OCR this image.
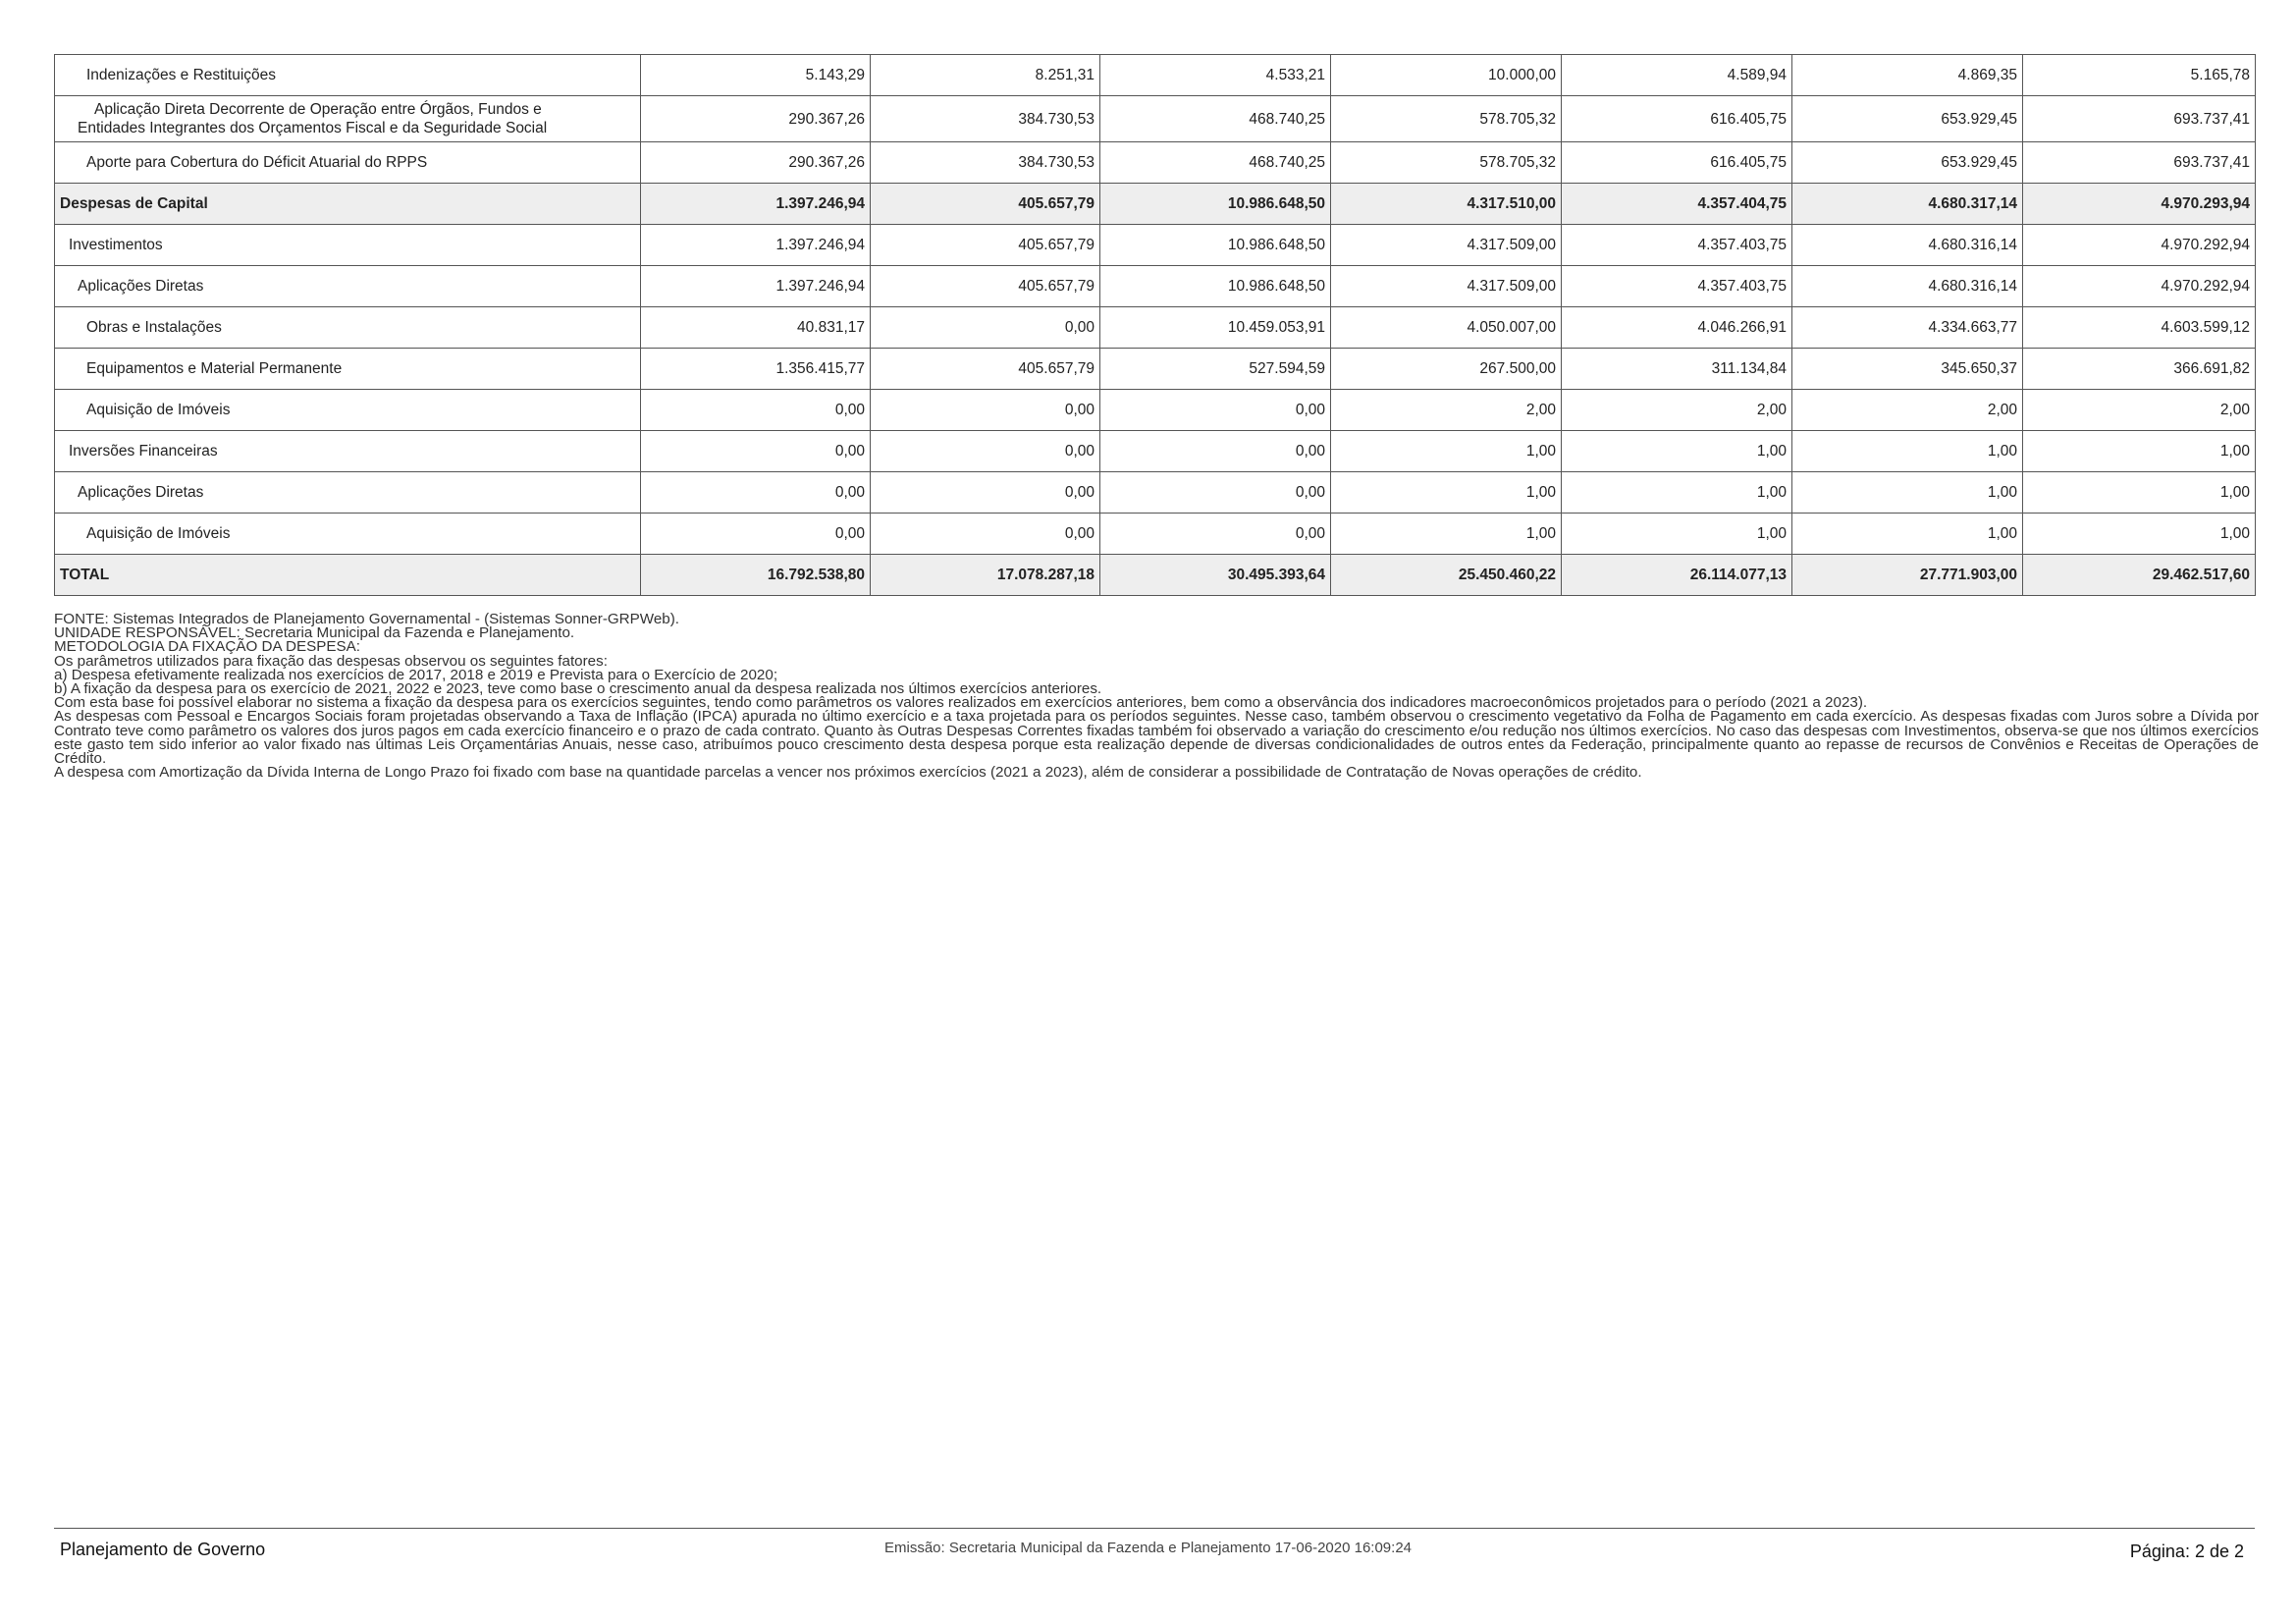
Indenizações e Restituições	5.143,29	8.251,31	4.533,21	10.000,00	4.589,94	4.869,35	5.165,78

Aplicação Direta Decorrente de Operação entre Órgãos, Fundos e
Entidades Integrantes dos Orçamentos Fiscal e da Seguridade Social	290.367,26	384.730,53	468.740,25	578.705,32	616.405,75	653.929,45	693.737,41
Aporte para Cobertura do Déficit Atuarial do RPPS	290.367,26	384.730,53	468.740,25	578.705,32	616.405,75	653.929,45	693.737,41
Despesas de Capital	1.397.246,94	405.657,79	10.986.648,50	4.317.510,00	4.357.404,75	4.680.317,14	4.970.293,94
Investimentos	1.397.246,94	405.657,79	10.986.648,50	4.317.509,00	4.357.403,75	4.680.316,14	4.970.292,94
Aplicações Diretas	1.397.246,94	405.657,79	10.986.648,50	4.317.509,00	4.357.403,75	4.680.316,14	4.970.292,94
Obras e Instalações	40.831,17	0,00	10.459.053,91	4.050.007,00	4.046.266,91	4.334.663,77	4.603.599,12
Equipamentos e Material Permanente	1.356.415,77	405.657,79	527.594,59	267.500,00	311.134,84	345.650,37	366.691,82
Aquisição de Imóveis	0,00	0,00	0,00	2,00	2,00	2,00	2,00
Inversões Financeiras	0,00	0,00	0,00	1,00	1,00	1,00	1,00
Aplicações Diretas	0,00	0,00	0,00	1,00	1,00	1,00	1,00
Aquisição de Imóveis	0,00	0,00	0,00	1,00	1,00	1,00	1,00
TOTAL	16.792.538,80	17.078.287,18	30.495.393,64	25.450.460,22	26.114.077,13	27.771.903,00	29.462.517,60

FONTE: Sistemas Integrados de Planejamento Governamental - (Sistemas Sonner-GRPWeb).

UNIDADE RESPONSÁVEL: Secretaria Municipal da Fazenda e Planejamento.

METODOLOGIA DA FIXAÇÃO DA DESPESA:

Os parâmetros utilizados para fixação das despesas observou os seguintes fatores:

a) Despesa efetivamente realizada nos exercícios de 2017, 2018 e 2019 e Prevista para o Exercício de 2020;

b) A fixação da despesa para os exercício de 2021, 2022 e 2023, teve como base o crescimento anual da despesa realizada nos últimos exercícios anteriores.

Com esta base foi possível elaborar no sistema a fixação da despesa para os exercícios seguintes, tendo como parâmetros os valores realizados em exercícios anteriores, bem como a observância dos indicadores macroeconômicos projetados para o período (2021 a 2023).

As despesas com Pessoal e Encargos Sociais foram projetadas observando a Taxa de Inflação (IPCA) apurada no último exercício e a taxa projetada para os períodos seguintes. Nesse caso, também observou o crescimento vegetativo da Folha de Pagamento em cada exercício. As despesas fixadas com Juros sobre a Dívida por Contrato teve como parâmetro os valores dos juros pagos em cada exercício financeiro e o prazo de cada contrato. Quanto às Outras Despesas Correntes fixadas também foi observado a variação do crescimento e/ou redução nos últimos exercícios. No caso das despesas com Investimentos, observa-se que nos últimos exercícios este gasto tem sido inferior ao valor fixado nas últimas Leis Orçamentárias Anuais, nesse caso, atribuímos pouco crescimento desta despesa porque esta realização depende de diversas condicionalidades de outros entes da Federação, principalmente quanto ao repasse de recursos de Convênios e Receitas de Operações de Crédito.

A despesa com Amortização da Dívida Interna de Longo Prazo foi fixado com base na quantidade parcelas a vencer nos próximos exercícios (2021 a 2023), além de considerar a possibilidade de Contratação de Novas operações de crédito.

Planejamento de Governo	Emissão: Secretaria Municipal da Fazenda e Planejamento 17-06-2020 16:09:24	Página: 2 de 2
